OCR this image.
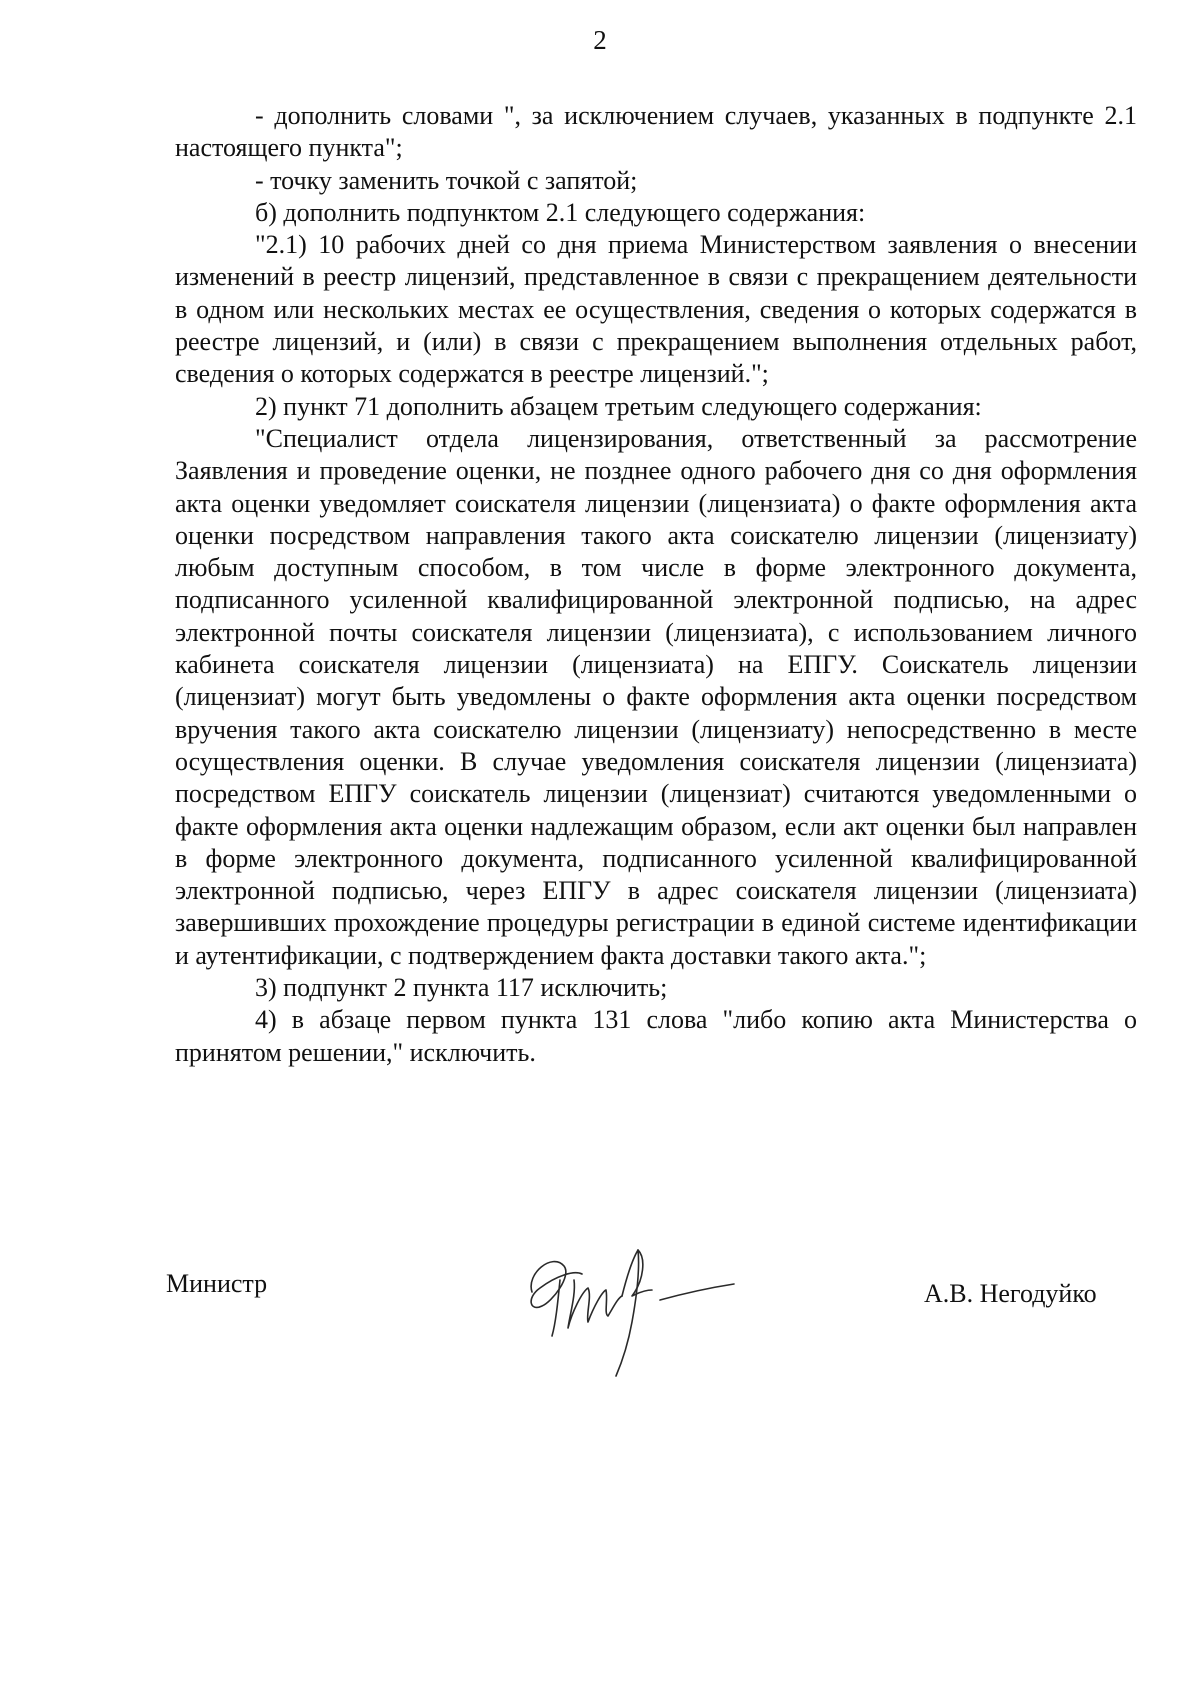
2

- дополнить словами ", за исключением случаев, указанных в подпункте 2.1 настоящего пункта";

- точку заменить точкой с запятой;

б) дополнить подпунктом 2.1 следующего содержания:

"2.1) 10 рабочих дней со дня приема Министерством заявления о внесении изменений в реестр лицензий, представленное в связи с прекращением деятельности в одном или нескольких местах ее осуществления, сведения о которых содержатся в реестре лицензий, и (или) в связи с прекращением выполнения отдельных работ, сведения о которых содержатся в реестре лицензий.";

2) пункт 71 дополнить абзацем третьим следующего содержания:

"Специалист отдела лицензирования, ответственный за рассмотрение Заявления и проведение оценки, не позднее одного рабочего дня со дня оформления акта оценки уведомляет соискателя лицензии (лицензиата) о факте оформления акта оценки посредством направления такого акта соискателю лицензии (лицензиату) любым доступным способом, в том числе в форме электронного документа, подписанного усиленной квалифицированной электронной подписью, на адрес электронной почты соискателя лицензии (лицензиата), с использованием личного кабинета соискателя лицензии (лицензиата) на ЕПГУ. Соискатель лицензии (лицензиат) могут быть уведомлены о факте оформления акта оценки посредством вручения такого акта соискателю лицензии (лицензиату) непосредственно в месте осуществления оценки. В случае уведомления соискателя лицензии (лицензиата) посредством ЕПГУ соискатель лицензии (лицензиат) считаются уведомленными о факте оформления акта оценки надлежащим образом, если акт оценки был направлен в форме электронного документа, подписанного усиленной квалифицированной электронной подписью, через ЕПГУ в адрес соискателя лицензии (лицензиата) завершивших прохождение процедуры регистрации в единой системе идентификации и аутентификации, с подтверждением факта доставки такого акта.";

3) подпункт 2 пункта 117 исключить;

4) в абзаце первом пункта 131 слова "либо копию акта Министерства о принятом решении," исключить.

Министр	А.В. Негодуйко
